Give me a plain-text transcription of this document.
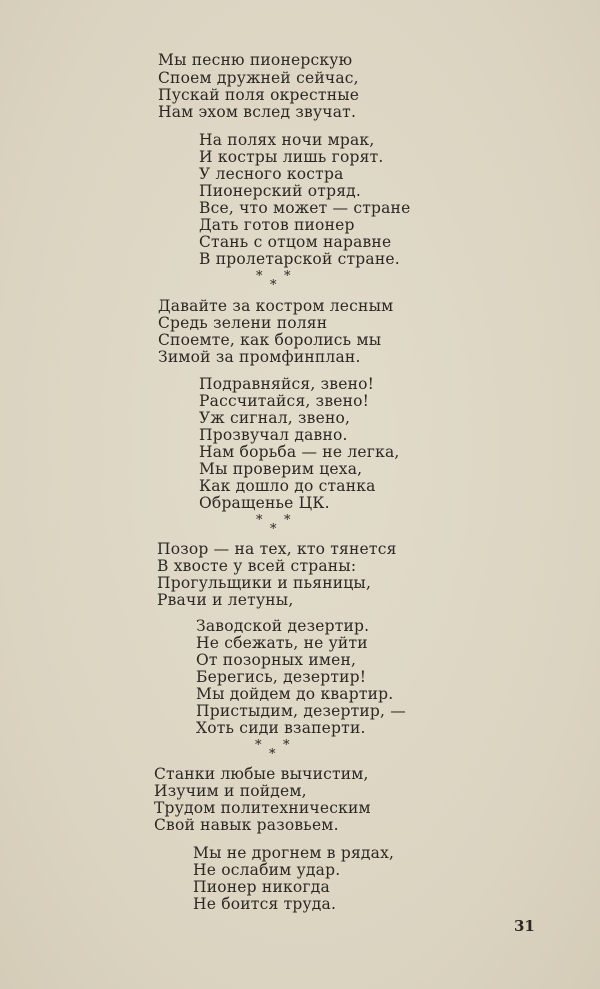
Мы песню пионерскую
Споем дружней сейчас,
Пускай поля окрестные
Нам эхом вслед звучат.
На полях ночи мрак,
И костры лишь горят.
У лесного костра
Пионерский отряд.
Все, что может — стране
Дать готов пионер
Стань с отцом наравне
В пролетарской стране.
* *
*
Давайте за костром лесным
Средь зелени полян
Споемте, как боролись мы
Зимой за промфинплан.
Подравняйся, звено!
Рассчитайся, звено!
Уж сигнал, звено,
Прозвучал давно.
Нам борьба — не легка,
Мы проверим цеха,
Как дошло до станка
Обращенье ЦК.
* *
*
Позор — на тех, кто тянется
В хвосте у всей страны:
Прогульщики и пьяницы,
Рвачи и летуны,
Заводской дезертир.
Не сбежать, не уйти
От позорных имен,
Берегись, дезертир!
Мы дойдем до квартир.
Пристыдим, дезертир, —
Хоть сиди взаперти.
* *
*
Станки любые вычистим,
Изучим и пойдем,
Трудом политехническим
Свой навык разовьем.
Мы не дрогнем в рядах,
Не ослабим удар.
Пионер никогда
Не боится труда.
31
